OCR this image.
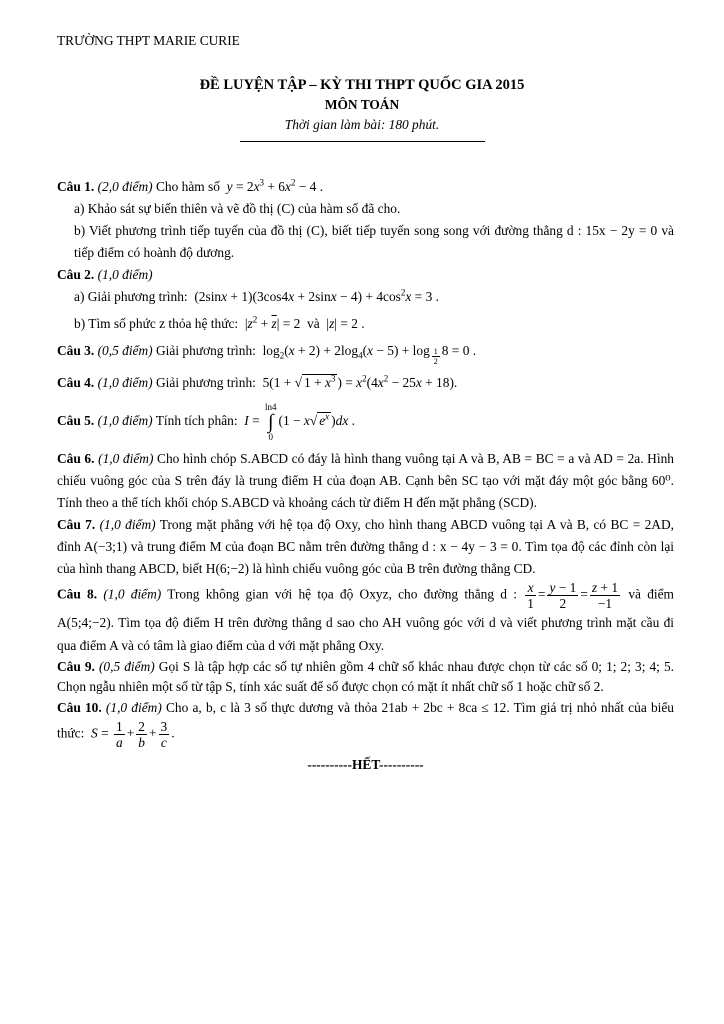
TRƯỜNG THPT MARIE CURIE
ĐỀ LUYỆN TẬP – KỲ THI THPT QUỐC GIA 2015
MÔN TOÁN
Thời gian làm bài: 180 phút.

Câu 1. (2,0 điểm) Cho hàm số $y = 2x^3 + 6x^2 - 4$ .

a) Khảo sát sự biến thiên và vẽ đồ thị (C) của hàm số đã cho.

b) Viết phương trình tiếp tuyến của đồ thị (C), biết tiếp tuyến song song với đường thẳng d : 15x − 2y = 0 và tiếp điểm có hoành độ dương.

Câu 2. (1,0 điểm)

a) Giải phương trình:  $(2\sin x + 1)(3\cos 4x + 2\sin x - 4) + 4\cos^2x = 3$ .

b) Tìm số phức z thỏa hệ thức:  $|z^2 + \overline{z}| = 2$  và  |z| = 2 .

Câu 3. (0,5 điểm) Giải phương trình:  $\log_2(x + 2) + 2\log_4(x - 5) + \log _{\frac{1}{2}}$ 8 = 0 .

Câu 4. (1,0 điểm) Giải phương trình:  5(1 + √ $1 + x^3$ ) = $x^2(4x^2 - 25x + 18)$.

Câu 5. (1,0 điểm) Tính tích phân: I = ln4
∫
0(1 − x√ $e^x$ )dx .

Câu 6. (1,0 điểm) Cho hình chóp S.ABCD có đáy là hình thang vuông tại A và B, AB = BC = a và AD = 2a. Hình chiếu vuông góc của S trên đáy là trung điểm H của đoạn AB. Cạnh bên SC tạo với mặt đáy một góc bằng 60⁰. Tính theo a thể tích khối chóp S.ABCD và khoảng cách từ điểm H đến mặt phẳng (SCD).

Câu 7. (1,0 điểm) Trong mặt phẳng với hệ tọa độ Oxy, cho hình thang ABCD vuông tại A và B, có BC = 2AD, đỉnh A(−3;1) và trung điểm M của đoạn BC nằm trên đường thẳng d : x − 4y − 3 = 0. Tìm tọa độ các đỉnh còn lại của hình thang ABCD, biết H(6;−2) là hình chiếu vuông góc của B trên đường thẳng CD.

Câu 8. (1,0 điểm) Trong không gian với hệ tọa độ Oxyz, cho đường thẳng d : $\frac{x}{1} = \frac{y - 1}{2} = \frac{z + 1}{-1}$ và điểm A(5;4;−2). Tìm tọa độ điểm H trên đường thẳng d sao cho AH vuông góc với d và viết phương trình mặt cầu đi qua điểm A và có tâm là giao điểm của d với mặt phẳng Oxy.

Câu 9. (0,5 điểm) Gọi S là tập hợp các số tự nhiên gồm 4 chữ số khác nhau được chọn từ các số 0; 1; 2; 3; 4; 5. Chọn ngẫu nhiên một số từ tập S, tính xác suất để số được chọn có mặt ít nhất chữ số 1 hoặc chữ số 2.

Câu 10. (1,0 điểm) Cho a, b, c là 3 số thực dương và thỏa 21ab + 2bc + 8ca ≤ 12. Tìm giá trị nhỏ nhất của biểu thức: $S = \frac{1}{a} + \frac{2}{b} + \frac{3}{c}$ .

----------HẾT----------
